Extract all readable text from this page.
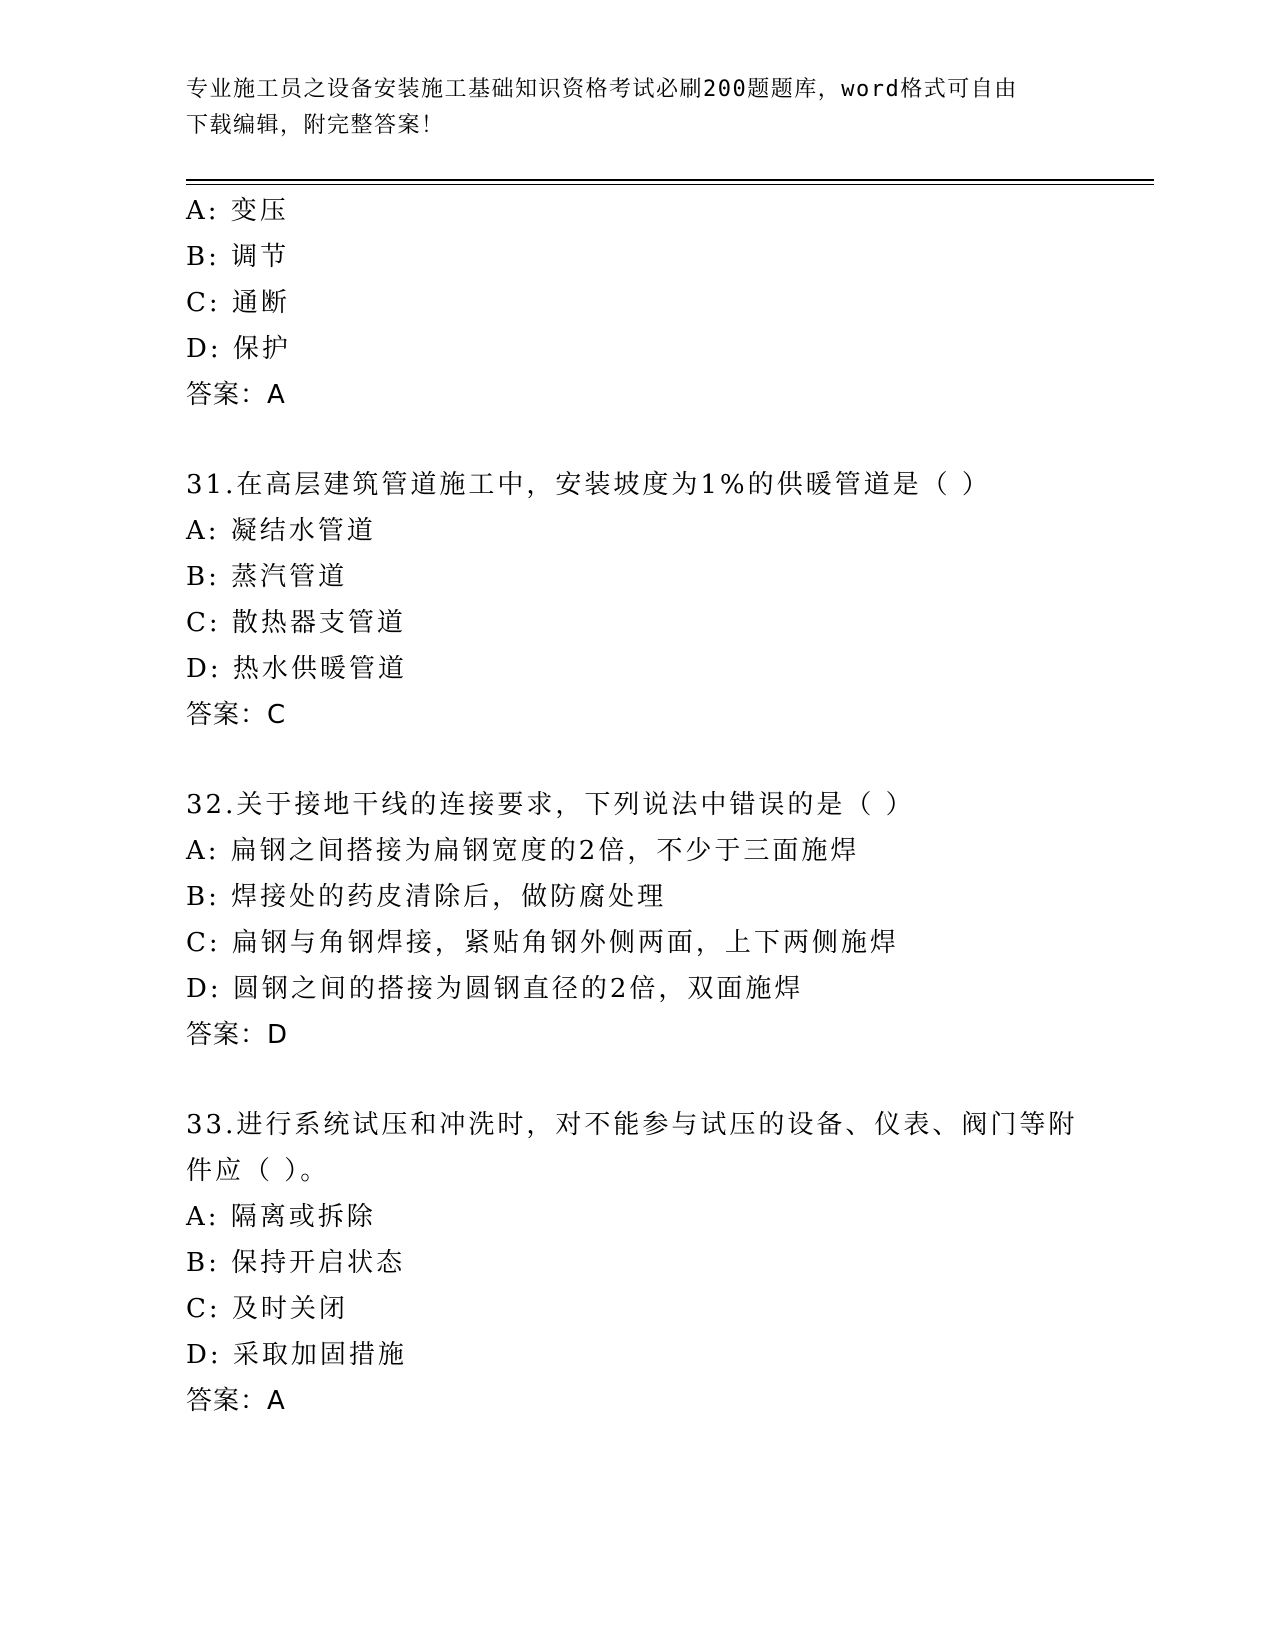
专业施工员之设备安装施工基础知识资格考试必刷200题题库，word格式可自由
下载编辑，附完整答案！
A: 变压
B: 调节
C: 通断
D: 保护
答案：A
31.在高层建筑管道施工中，安装坡度为1%的供暖管道是（ ）
A: 凝结水管道
B: 蒸汽管道
C: 散热器支管道
D: 热水供暖管道
答案：C
32.关于接地干线的连接要求，下列说法中错误的是（ ）
A: 扁钢之间搭接为扁钢宽度的2倍，不少于三面施焊
B: 焊接处的药皮清除后，做防腐处理
C: 扁钢与角钢焊接，紧贴角钢外侧两面，上下两侧施焊
D: 圆钢之间的搭接为圆钢直径的2倍，双面施焊
答案：D
33.进行系统试压和冲洗时，对不能参与试压的设备、仪表、阀门等附
件应（ ）。
A: 隔离或拆除
B: 保持开启状态
C: 及时关闭
D: 采取加固措施
答案：A
